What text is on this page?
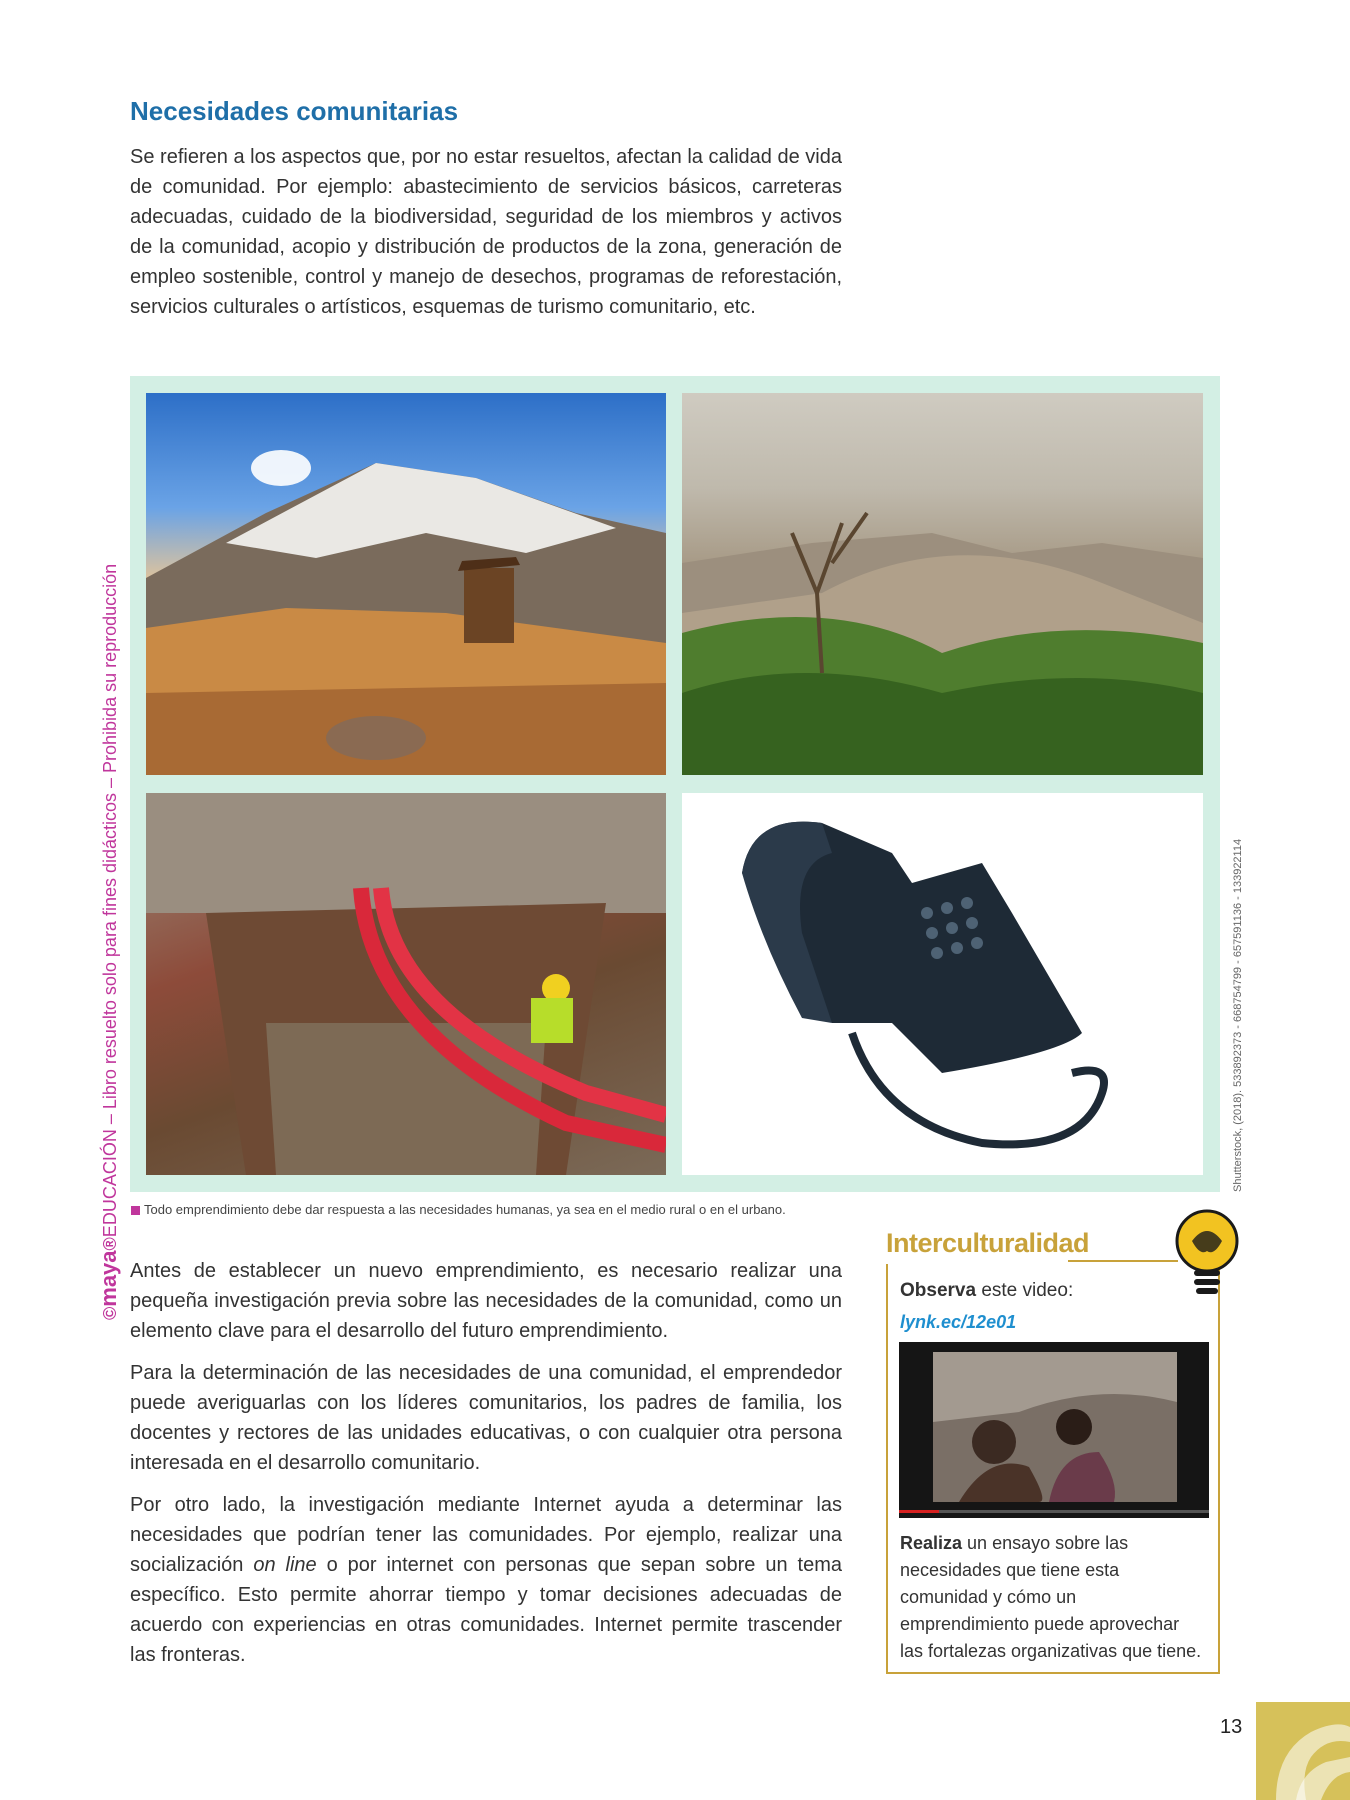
Necesidades comunitarias

Se refieren a los aspectos que, por no estar resueltos, afectan la calidad de vida de comunidad. Por ejemplo: abastecimiento de servicios básicos, carreteras adecuadas, cuidado de la biodiversidad, seguridad de los miembros y activos de la comunidad, acopio y distribución de productos de la zona, generación de empleo sostenible, control y manejo de desechos, programas de reforestación, servicios culturales o artísticos, esquemas de turismo comunitario, etc.

Todo emprendimiento debe dar respuesta a las necesidades humanas, ya sea en el medio rural o en el urbano.
©maya®EDUCACIÓN – Libro resuelto solo para fines didácticos – Prohibida su reproducción	Shutterstock, (2018). 533892373 - 668754799 - 657591136 - 133922114

Antes de establecer un nuevo emprendimiento, es necesario realizar una pequeña investigación previa sobre las necesidades de la comunidad, como un elemento clave para el desarrollo del futuro emprendimiento.

Para la determinación de las necesidades de una comunidad, el emprendedor puede averiguarlas con los líderes comunitarios, los padres de familia, los docentes y rectores de las unidades educativas, o con cualquier otra persona interesada en el desarrollo comunitario.

Por otro lado, la investigación mediante Internet ayuda a determinar las necesidades que podrían tener las comunidades. Por ejemplo, realizar una socialización on line o por internet con personas que sepan sobre un tema específico. Esto permite ahorrar tiempo y tomar decisiones adecuadas de acuerdo con experiencias en otras comunidades. Internet permite trascender las fronteras.

Interculturalidad
Observa este video:
lynk.ec/12e01

Realiza un ensayo sobre las necesidades que tiene esta comunidad y cómo un emprendimiento puede aprovechar las fortalezas organizativas que tiene.

13
